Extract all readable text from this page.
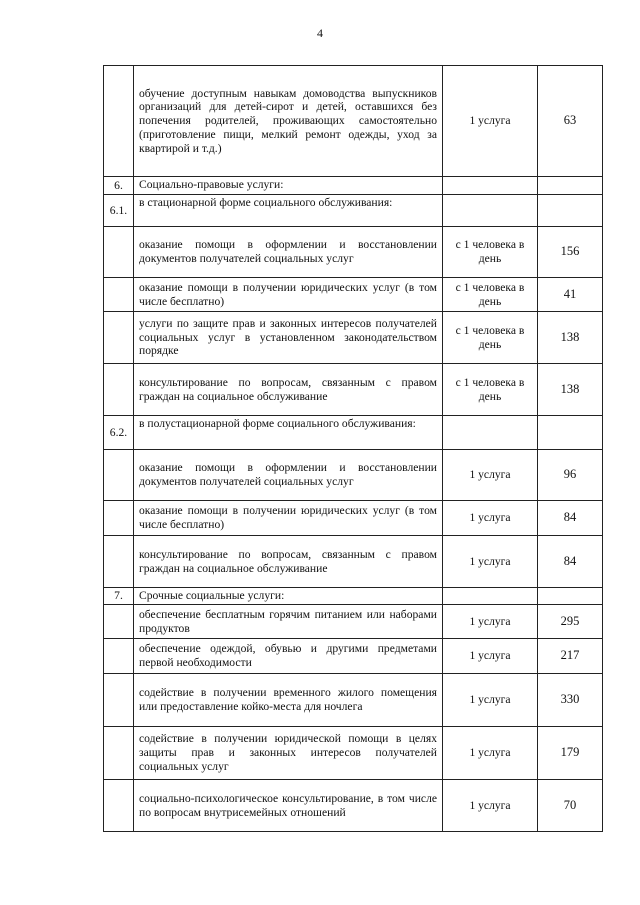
4
	обучение доступным навыкам домоводства выпускников организаций для детей-сирот и детей, оставшихся без попечения родителей, проживающих самостоятельно (приготовление пищи, мелкий ремонт одежды, уход за квартирой и т.д.)	1 услуга	63
6.	Социально-правовые услуги:		
6.1.	в стационарной форме социального обслуживания:		
	оказание помощи в оформлении и восстановлении документов получателей социальных услуг	с 1 человека в день	156
	оказание помощи в получении юридических услуг (в том числе бесплатно)	с 1 человека в день	41
	услуги по защите прав и законных интересов получателей социальных услуг в установленном законодательством порядке	с 1 человека в день	138
	консультирование по вопросам, связанным с правом граждан на социальное обслуживание	с 1 человека в день	138
6.2.	в полустационарной форме социального обслуживания:		
	оказание помощи в оформлении и восстановлении документов получателей социальных услуг	1 услуга	96
	оказание помощи в получении юридических услуг (в том числе бесплатно)	1 услуга	84
	консультирование по вопросам, связанным с правом граждан на социальное обслуживание	1 услуга	84
7.	Срочные социальные услуги:		
	обеспечение бесплатным горячим питанием или наборами продуктов	1 услуга	295
	обеспечение одеждой, обувью и другими предметами первой необходимости	1 услуга	217
	содействие в получении временного жилого помещения или предоставление койко-места для ночлега	1 услуга	330
	содействие в получении юридической помощи в целях защиты прав и законных интересов получателей социальных услуг	1 услуга	179
	социально-психологическое консультирование, в том числе по вопросам внутрисемейных отношений	1 услуга	70
